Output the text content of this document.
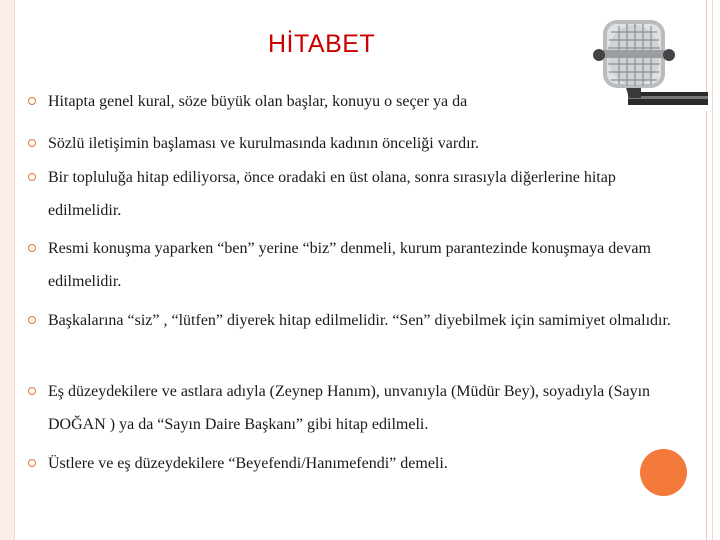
HİTABET
Hitapta genel kural, söze büyük olan başlar, konuyu o seçer ya da
Sözlü iletişimin başlaması ve kurulmasında kadının önceliği vardır.
Bir topluluğa hitap ediliyorsa, önce oradaki en üst olana, sonra sırasıyla diğerlerine hitap edilmelidir.
Resmi konuşma yaparken “ben” yerine “biz” denmeli, kurum parantezinde konuşmaya devam edilmelidir.
Başkalarına “siz” , “lütfen” diyerek hitap edilmelidir. “Sen” diyebilmek için samimiyet olmalıdır.
Eş düzeydekilere ve astlara adıyla (Zeynep Hanım), unvanıyla (Müdür Bey), soyadıyla (Sayın DOĞAN ) ya da “Sayın Daire Başkanı” gibi hitap edilmeli.
Üstlere ve eş düzeydekilere “Beyefendi/Hanımefendi” demeli.
